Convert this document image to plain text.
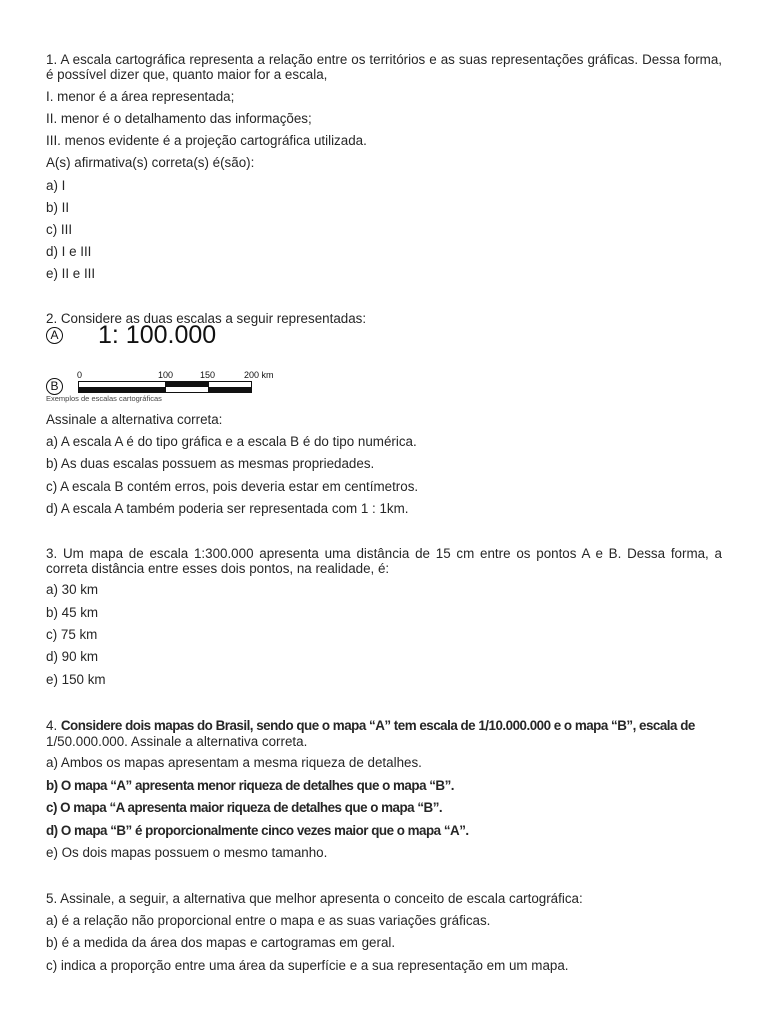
1. A escala cartográfica representa a relação entre os territórios e as suas representações gráficas. Dessa forma, é possível dizer que, quanto maior for a escala,
I. menor é a área representada;
II. menor é o detalhamento das informações;
III. menos evidente é a projeção cartográfica utilizada.
A(s) afirmativa(s) correta(s) é(são):
a) I
b) II
c) III
d) I e III
e) II e III
2. Considere as duas escalas a seguir representadas:
A 1: 100.000
B
0	100	150	200 km
Exemplos de escalas cartográficas
Assinale a alternativa correta:
a) A escala A é do tipo gráfica e a escala B é do tipo numérica.
b) As duas escalas possuem as mesmas propriedades.
c) A escala B contém erros, pois deveria estar em centímetros.
d) A escala A também poderia ser representada com 1 : 1km.
3. Um mapa de escala 1:300.000 apresenta uma distância de 15 cm entre os pontos A e B. Dessa forma, a correta distância entre esses dois pontos, na realidade, é:
a) 30 km
b) 45 km
c) 75 km
d) 90 km
e) 150 km
4. Considere dois mapas do Brasil, sendo que o mapa “A” tem escala de 1/10.000.000 e o mapa “B”, escala de
1/50.000.000. Assinale a alternativa correta.
a) Ambos os mapas apresentam a mesma riqueza de detalhes.
b) O mapa “A” apresenta menor riqueza de detalhes que o mapa “B”.
c) O mapa “A apresenta maior riqueza de detalhes que o mapa “B”.
d) O mapa “B” é proporcionalmente cinco vezes maior que o mapa “A”.
e) Os dois mapas possuem o mesmo tamanho.
5. Assinale, a seguir, a alternativa que melhor apresenta o conceito de escala cartográfica:
a) é a relação não proporcional entre o mapa e as suas variações gráficas.
b) é a medida da área dos mapas e cartogramas em geral.
c) indica a proporção entre uma área da superfície e a sua representação em um mapa.
